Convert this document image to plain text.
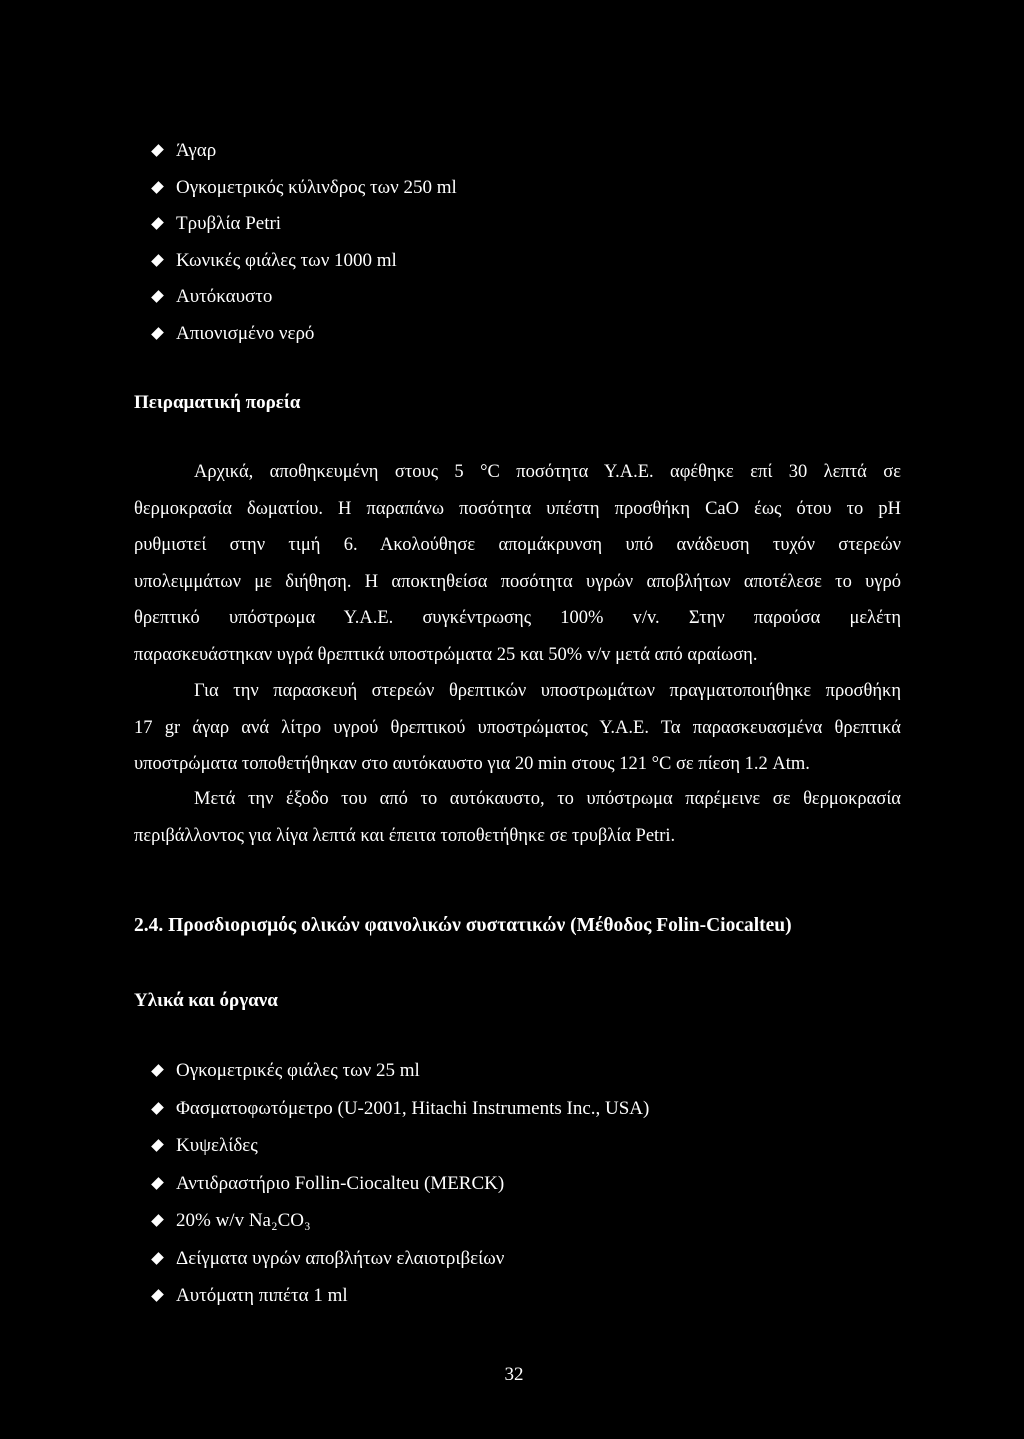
Άγαρ
Ογκομετρικός κύλινδρος των 250 ml
Τρυβλία Petri
Κωνικές φιάλες των 1000 ml
Αυτόκαυστο
Απιονισμένο νερό
Πειραματική πορεία
Αρχικά, αποθηκευμένη στους 5 °C ποσότητα Υ.Α.Ε. αφέθηκε επί 30 λεπτά σε
θερμοκρασία δωματίου. Η παραπάνω ποσότητα υπέστη προσθήκη CaO έως ότου το pH
ρυθμιστεί στην τιμή 6. Ακολούθησε απομάκρυνση υπό ανάδευση τυχόν στερεών
υπολειμμάτων με διήθηση. Η αποκτηθείσα ποσότητα υγρών αποβλήτων αποτέλεσε το υγρό
θρεπτικό υπόστρωμα Υ.Α.Ε. συγκέντρωσης 100% v/v. Στην παρούσα μελέτη
παρασκευάστηκαν υγρά θρεπτικά υποστρώματα 25 και 50% v/v μετά από αραίωση.
Για την παρασκευή στερεών θρεπτικών υποστρωμάτων πραγματοποιήθηκε προσθήκη
17 gr άγαρ ανά λίτρο υγρού θρεπτικού υποστρώματος Υ.Α.Ε. Τα παρασκευασμένα θρεπτικά
υποστρώματα τοποθετήθηκαν στο αυτόκαυστο για 20 min στους 121 °C σε πίεση 1.2 Atm.
Μετά την έξοδο του από το αυτόκαυστο, το υπόστρωμα παρέμεινε σε θερμοκρασία
περιβάλλοντος για λίγα λεπτά και έπειτα τοποθετήθηκε σε τρυβλία Petri.
2.4. Προσδιορισμός ολικών φαινολικών συστατικών (Μέθοδος Folin-Ciocalteu)
Υλικά και όργανα
Ογκομετρικές φιάλες των 25 ml
Φασματοφωτόμετρο (U-2001, Hitachi Instruments Inc., USA)
Κυψελίδες
Αντιδραστήριο Follin-Ciocalteu (MERCK)
20% w/v Na₂CO₃
Δείγματα υγρών αποβλήτων ελαιοτριβείων
Αυτόματη πιπέτα 1 ml
32
